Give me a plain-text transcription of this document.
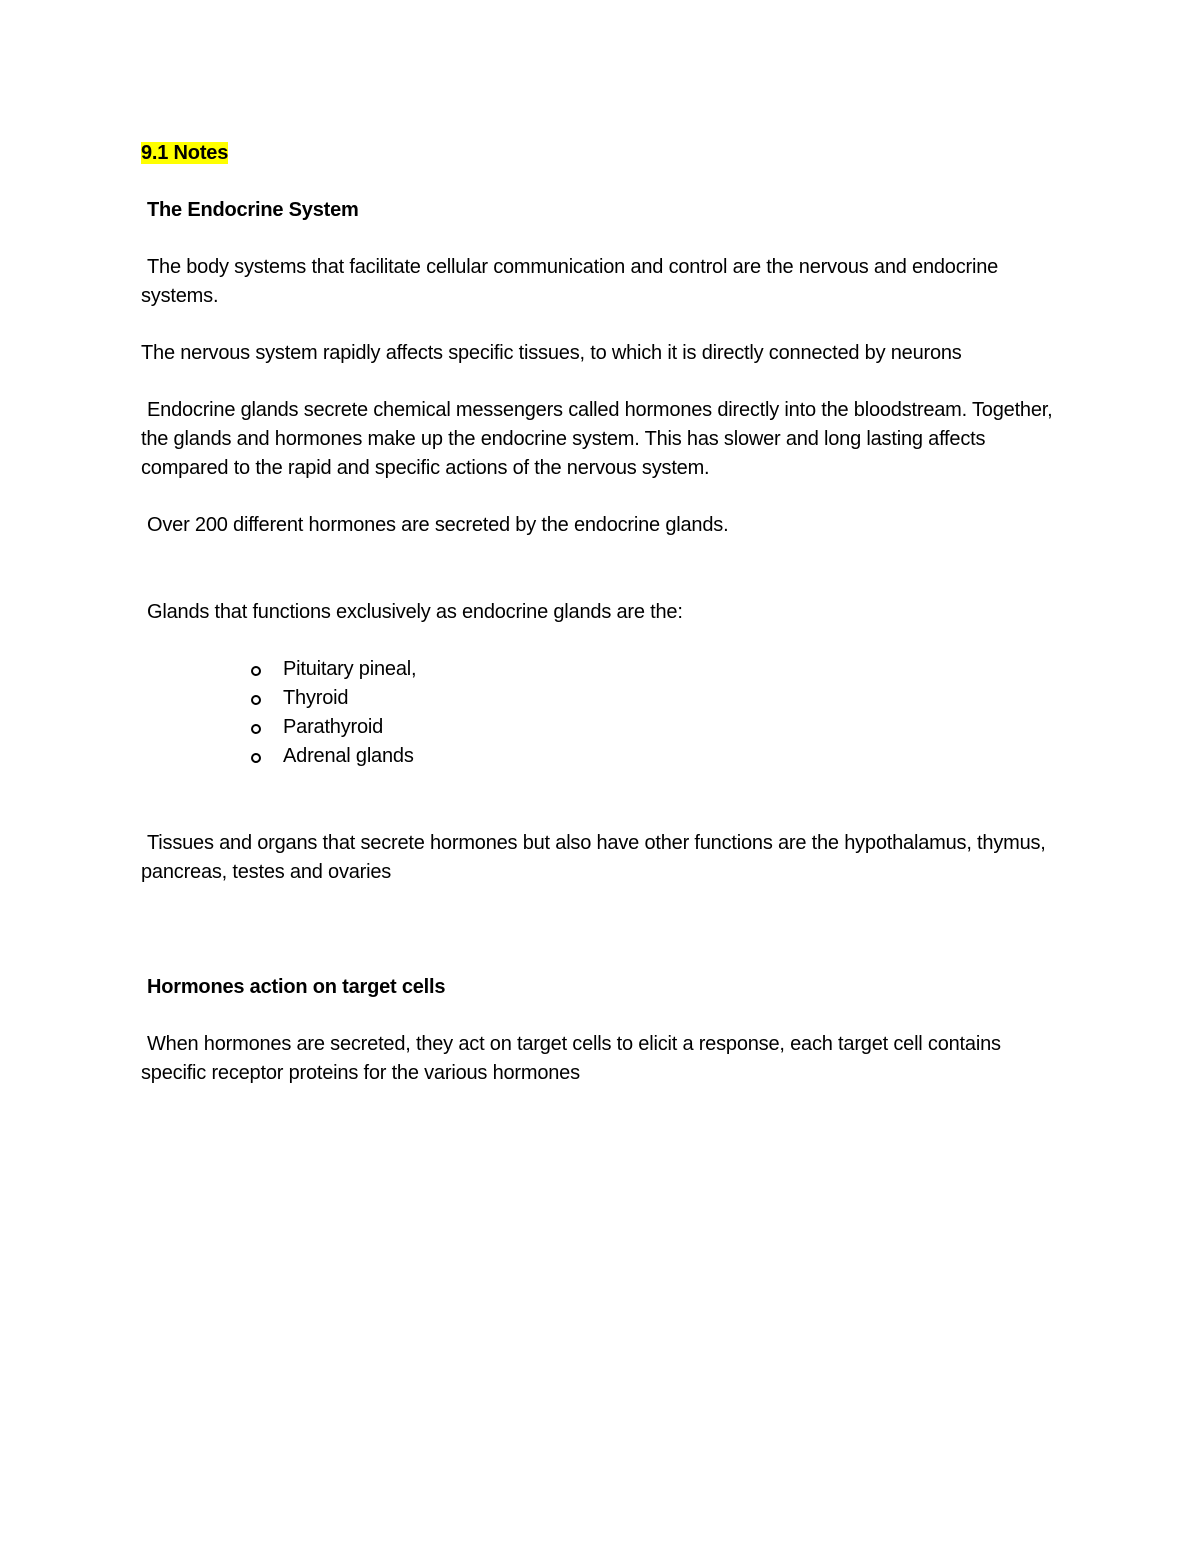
9.1 Notes
The Endocrine System

The body systems that facilitate cellular communication and control are the nervous and endocrine systems.

The nervous system rapidly affects specific tissues, to which it is directly connected by neurons

Endocrine glands secrete chemical messengers called hormones directly into the bloodstream. Together, the glands and hormones make up the endocrine system. This has slower and long lasting affects compared to the rapid and specific actions of the nervous system.

Over 200 different hormones are secreted by the endocrine glands.

Glands that functions exclusively as endocrine glands are the:

Pituitary pineal,
Thyroid
Parathyroid
Adrenal glands

Tissues and organs that secrete hormones but also have other functions are the hypothalamus, thymus, pancreas, testes and ovaries

Hormones action on target cells

When hormones are secreted, they act on target cells to elicit a response, each target cell contains specific receptor proteins for the various hormones
